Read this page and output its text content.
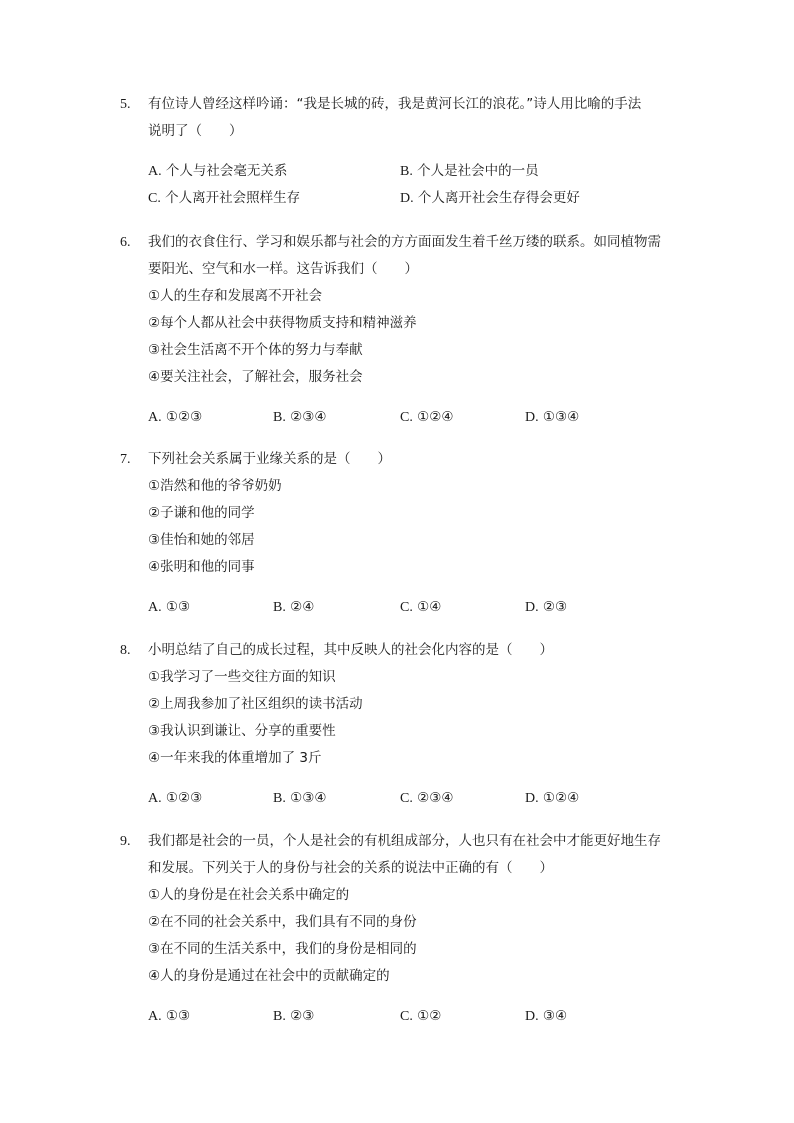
5. 有位诗人曾经这样吟诵：“我是长城的砖，我是黄河长江的浪花。”诗人用比喻的手法
说明了（　　）
A. 个人与社会毫无关系	B. 个人是社会中的一员
C. 个人离开社会照样生存	D. 个人离开社会生存得会更好
6. 我们的衣食住行、学习和娱乐都与社会的方方面面发生着千丝万缕的联系。如同植物需
要阳光、空气和水一样。这告诉我们（　　）
①人的生存和发展离不开社会
②每个人都从社会中获得物质支持和精神滋养
③社会生活离不开个体的努力与奉献
④要关注社会，了解社会，服务社会
A. ①②③	B. ②③④	C. ①②④	D. ①③④
7. 下列社会关系属于业缘关系的是（　　）
①浩然和他的爷爷奶奶
②子谦和他的同学
③佳怡和她的邻居
④张明和他的同事
A. ①③	B. ②④	C. ①④	D. ②③
8. 小明总结了自己的成长过程，其中反映人的社会化内容的是（　　）
①我学习了一些交往方面的知识
②上周我参加了社区组织的读书活动
③我认识到谦让、分享的重要性
④一年来我的体重增加了 3斤
A. ①②③	B. ①③④	C. ②③④	D. ①②④
9. 我们都是社会的一员，个人是社会的有机组成部分，人也只有在社会中才能更好地生存
和发展。下列关于人的身份与社会的关系的说法中正确的有（　　）
①人的身份是在社会关系中确定的
②在不同的社会关系中，我们具有不同的身份
③在不同的生活关系中，我们的身份是相同的
④人的身份是通过在社会中的贡献确定的
A. ①③	B. ②③	C. ①②	D. ③④
